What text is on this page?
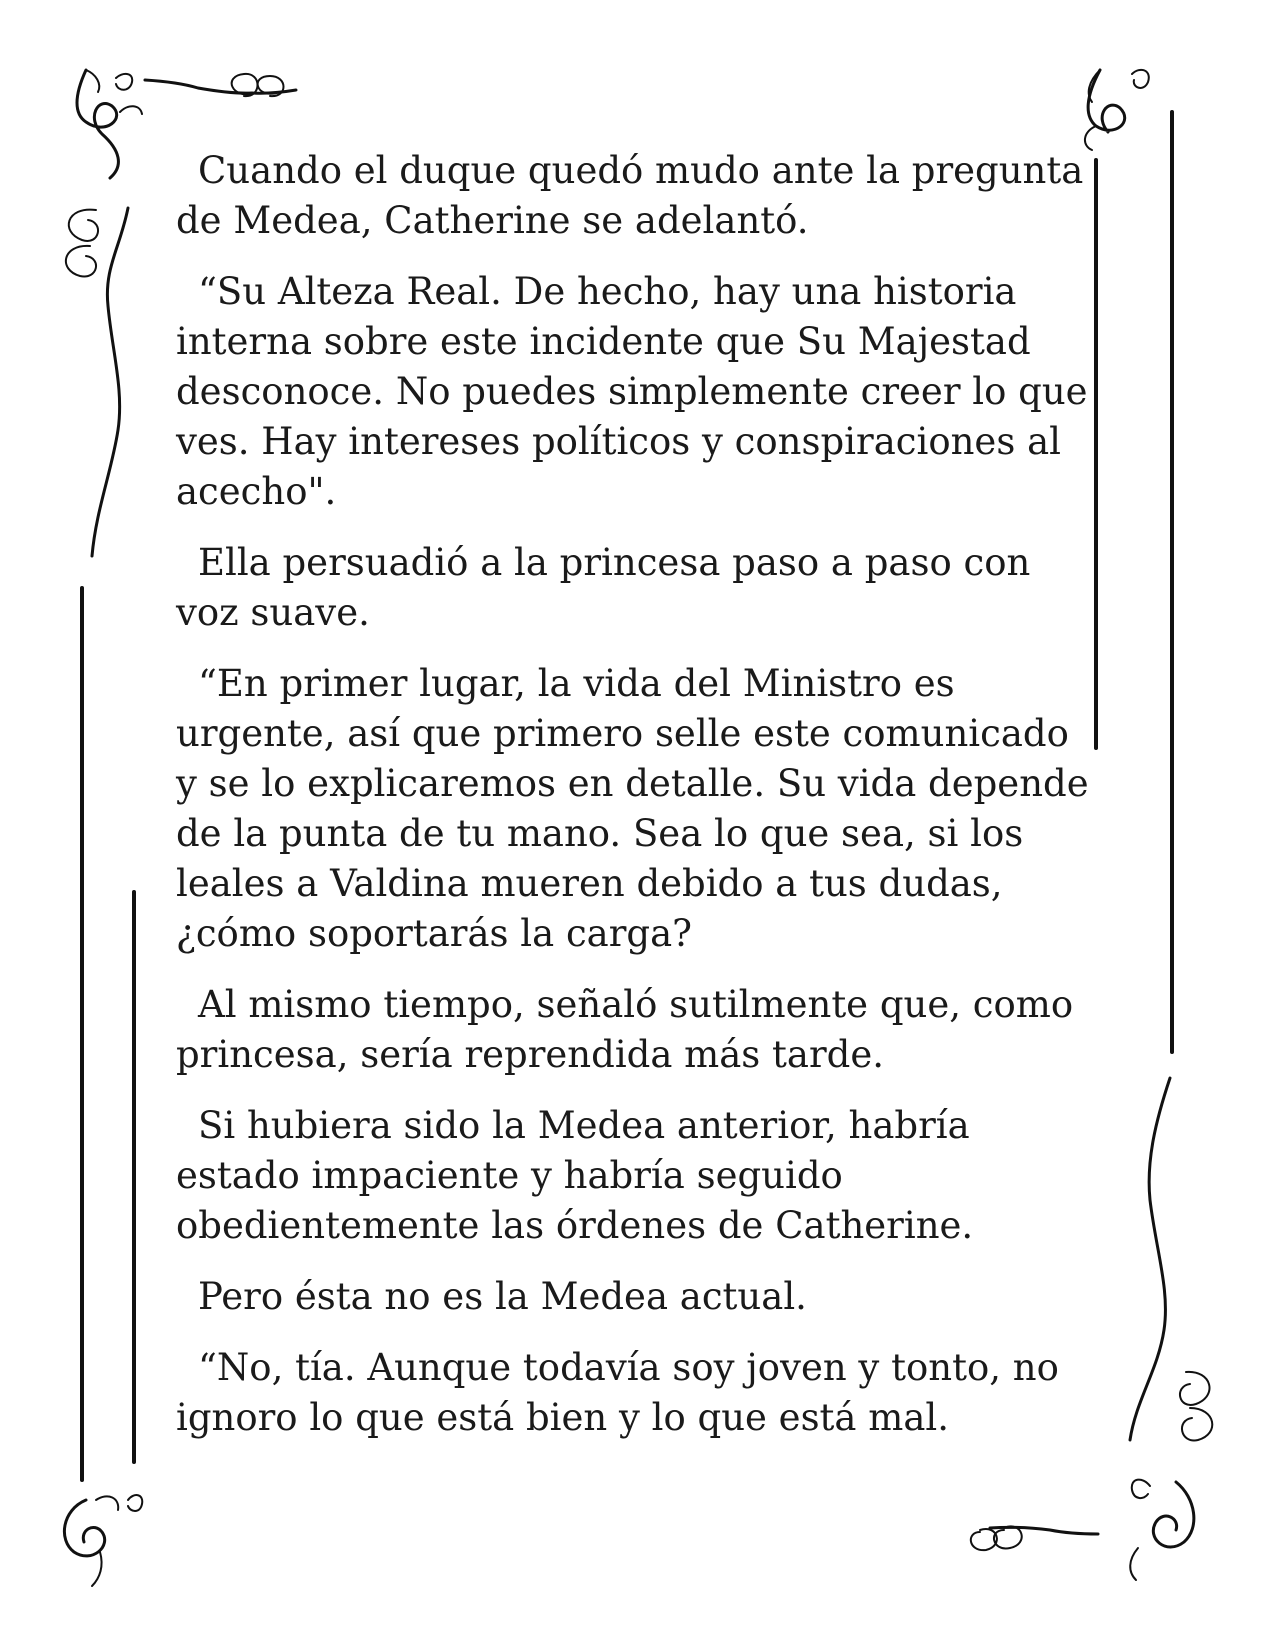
Cuando el duque quedó mudo ante la pregunta de Medea, Catherine se adelantó.

“Su Alteza Real. De hecho, hay una historia interna sobre este incidente que Su Majestad desconoce. No puedes simplemente creer lo que ves. Hay intereses políticos y conspiraciones al acecho".

Ella persuadió a la princesa paso a paso con voz suave.

“En primer lugar, la vida del Ministro es urgente, así que primero selle este comunicado y se lo explicaremos en detalle. Su vida depende de la punta de tu mano. Sea lo que sea, si los leales a Valdina mueren debido a tus dudas, ¿cómo soportarás la carga?

Al mismo tiempo, señaló sutilmente que, como princesa, sería reprendida más tarde.

Si hubiera sido la Medea anterior, habría estado impaciente y habría seguido obedientemente las órdenes de Catherine.

Pero ésta no es la Medea actual.

“No, tía. Aunque todavía soy joven y tonto, no ignoro lo que está bien y lo que está mal.
